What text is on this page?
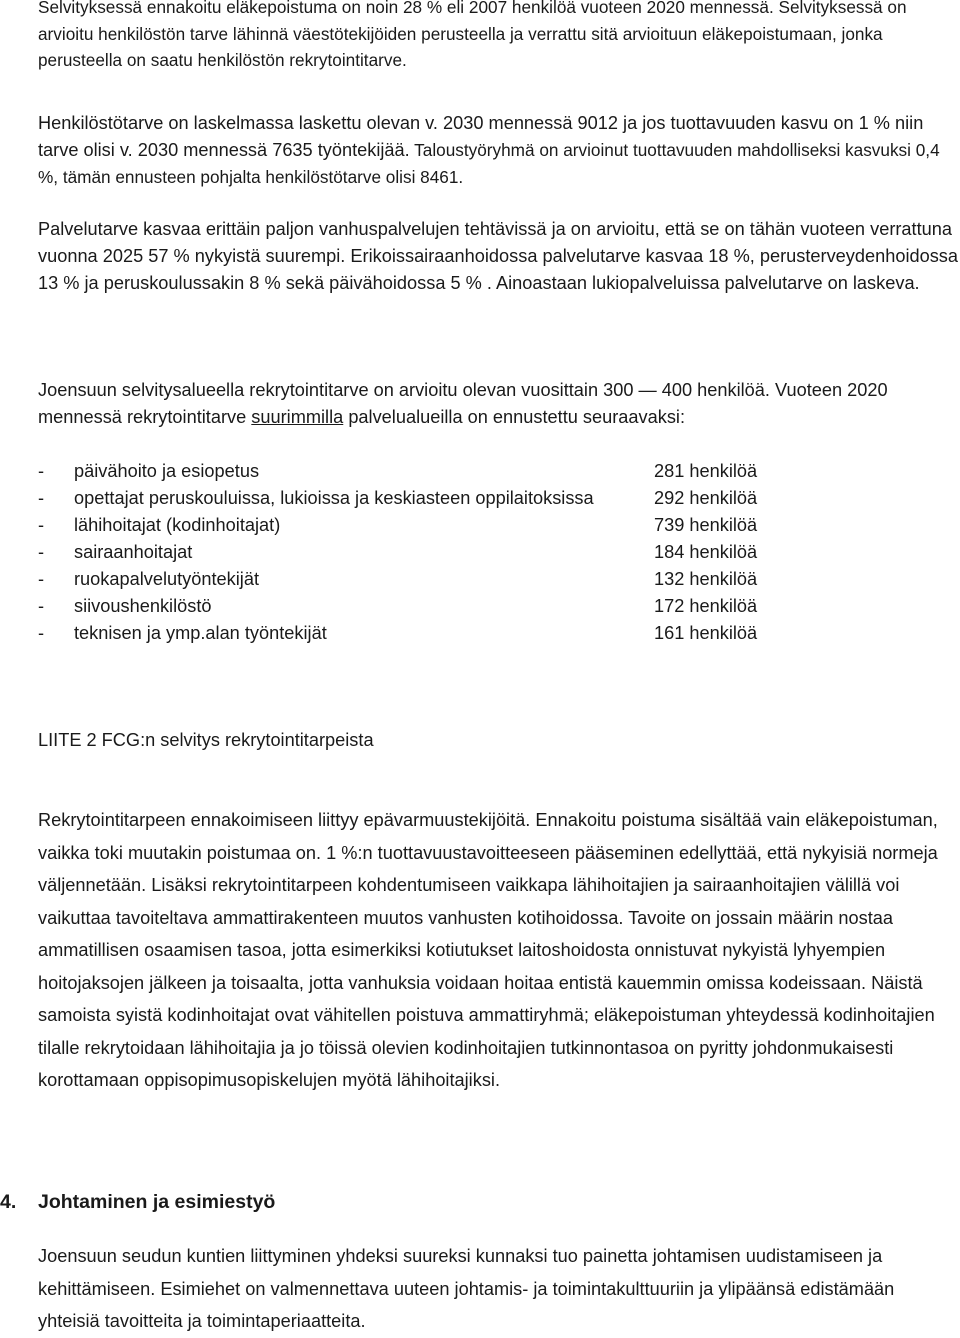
Selvityksessä ennakoitu eläkepoistuma on noin 28 % eli 2007 henkilöä vuoteen 2020 mennessä. Selvityksessä on arvioitu henkilöstön tarve lähinnä väestötekijöiden perusteella ja verrattu sitä arvioituun eläkepoistumaan, jonka perusteella on saatu henkilöstön rekrytointitarve.

Henkilöstötarve on laskelmassa laskettu olevan v. 2030 mennessä 9012 ja jos tuottavuuden kasvu on 1 % niin tarve olisi v. 2030 mennessä 7635 työntekijää. Taloustyöryhmä on arvioinut tuottavuuden mahdolliseksi kasvuksi 0,4 %, tämän ennusteen pohjalta henkilöstötarve olisi 8461.

Palvelutarve kasvaa erittäin paljon vanhuspalvelujen tehtävissä ja on arvioitu, että se on tähän vuoteen verrattuna vuonna 2025 57 % nykyistä suurempi. Erikoissairaanhoidossa palvelutarve kasvaa 18 %, perusterveydenhoidossa 13 % ja peruskoulussakin 8 % sekä päivähoidossa 5 % . Ainoastaan lukiopalveluissa palvelutarve on laskeva.

Joensuun selvitysalueella rekrytointitarve on arvioitu olevan vuosittain 300 — 400 henkilöä. Vuoteen 2020 mennessä rekrytointitarve suurimmilla palvelualueilla on ennustettu seuraavaksi:

- päivähoito ja esiopetus	281 henkilöä
- opettajat peruskouluissa, lukioissa ja keskiasteen oppilaitoksissa	292 henkilöä
- lähihoitajat (kodinhoitajat)	739 henkilöä
- sairaanhoitajat	184 henkilöä
- ruokapalvelutyöntekijät	132 henkilöä
- siivoushenkilöstö	172 henkilöä
- teknisen ja ymp.alan työntekijät	161 henkilöä

LIITE 2 FCG:n selvitys rekrytointitarpeista

Rekrytointitarpeen ennakoimiseen liittyy epävarmuustekijöitä. Ennakoitu poistuma sisältää vain eläkepoistuman, vaikka toki muutakin poistumaa on. 1 %:n tuottavuustavoitteeseen pääseminen edellyttää, että nykyisiä normeja väljennetään. Lisäksi rekrytointitarpeen kohdentumiseen vaikkapa lähihoitajien ja sairaanhoitajien välillä voi vaikuttaa tavoiteltava ammattirakenteen muutos vanhusten kotihoidossa. Tavoite on jossain määrin nostaa ammatillisen osaamisen tasoa, jotta esimerkiksi kotiutukset laitoshoidosta onnistuvat nykyistä lyhyempien hoitojaksojen jälkeen ja toisaalta, jotta vanhuksia voidaan hoitaa entistä kauemmin omissa kodeissaan. Näistä samoista syistä kodinhoitajat ovat vähitellen poistuva ammattiryhmä; eläkepoistuman yhteydessä kodinhoitajien tilalle rekrytoidaan lähihoitajia ja jo töissä olevien kodinhoitajien tutkinnontasoa on pyritty johdonmukaisesti korottamaan oppisopimusopiskelujen myötä lähihoitajiksi.

4. Johtaminen ja esimiestyö

Joensuun seudun kuntien liittyminen yhdeksi suureksi kunnaksi tuo painetta johtamisen uudistamiseen ja kehittämiseen. Esimiehet on valmennettava uuteen johtamis- ja toimintakulttuuriin ja ylipäänsä edistämään yhteisiä tavoitteita ja toimintaperiaatteita.
